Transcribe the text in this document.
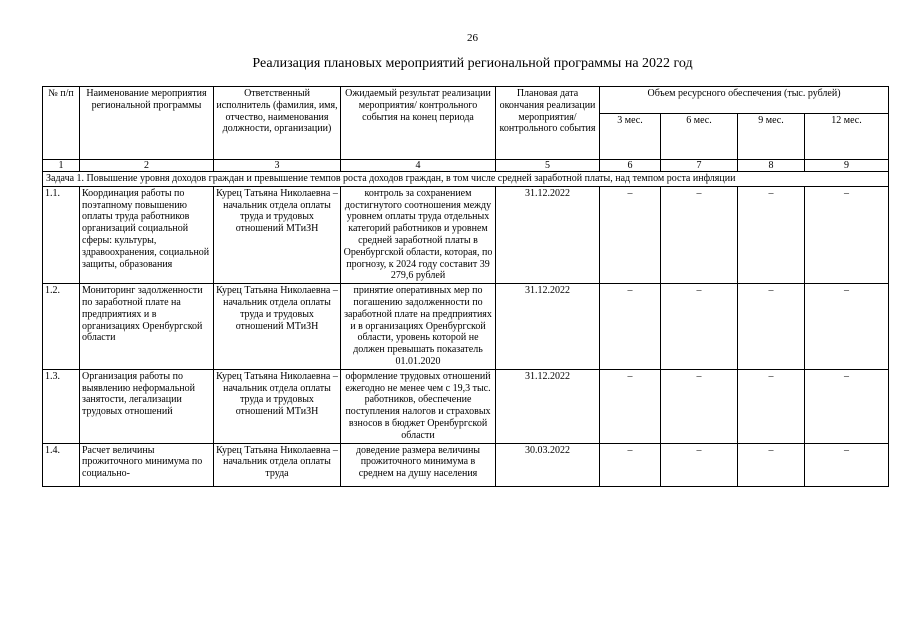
26
Реализация плановых мероприятий региональной программы на 2022 год
№ п/п	Наименование мероприятия региональной программы	Ответственный исполнитель (фамилия, имя, отчество, наименования должности, организации)	Ожидаемый результат реализации мероприятия/ контрольного события на конец периода	Плановая дата окончания реализации мероприятия/контрольного события	Объем ресурсного обеспечения (тыс. рублей)			
					3 мес.	6 мес.	9 мес.	12 мес.
1	2	3	4	5	6	7	8	9
Задача 1. Повышение уровня доходов граждан и превышение темпов роста доходов граждан, в том числе средней заработной платы, над темпом роста инфляции								
1.1.	Координация работы по поэтапному повышению оплаты труда работников организаций социальной сферы: культуры, здравоохранения, социальной защиты, образования	Курец Татьяна Николаевна – начальник отдела оплаты труда и трудовых отношений МТиЗН	контроль за сохранением достигнутого соотношения между уровнем оплаты труда отдельных категорий работников и уровнем средней заработной платы в Оренбургской области, которая, по прогнозу, к 2024 году составит 39 279,6 рублей	31.12.2022	–	–	–	–
1.2.	Мониторинг задолженности по заработной плате на предприятиях и в организациях Оренбургской области	Курец Татьяна Николаевна – начальник отдела оплаты труда и трудовых отношений МТиЗН	принятие оперативных мер по погашению задолженности по заработной плате на предприятиях и в организациях Оренбургской области, уровень которой не должен превышать показатель 01.01.2020	31.12.2022	–	–	–	–
1.3.	Организация работы по выявлению неформальной занятости, легализации трудовых отношений	Курец Татьяна Николаевна – начальник отдела оплаты труда и трудовых отношений МТиЗН	оформление трудовых отношений ежегодно не менее чем с 19,3 тыс. работников, обеспечение поступления налогов и страховых взносов в бюджет Оренбургской области	31.12.2022	–	–	–	–

1.4.	Расчет величины прожиточного минимума по социально-	Курец Татьяна Николаевна – начальник отдела оплаты труда	доведение размера величины прожиточного минимума в среднем на душу населения	30.03.2022	–	–	–	–
